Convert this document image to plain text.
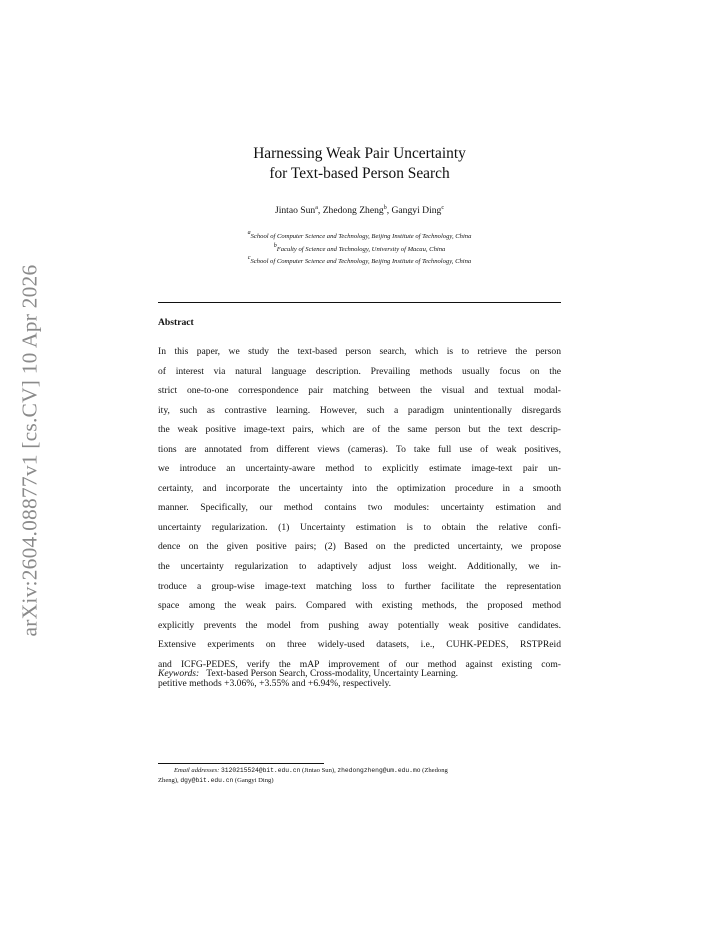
arXiv:2604.08877v1 [cs.CV] 10 Apr 2026
Harnessing Weak Pair Uncertainty
for Text-based Person Search
Jintao Sun$^a$, Zhedong Zheng$^b$, Gangyi Ding$^c$
$^a$School of Computer Science and Technology, Beijing Institute of Technology, China
$^b$Faculty of Science and Technology, University of Macau, China
$^c$School of Computer Science and Technology, Beijing Institute of Technology, China
Abstract

In this paper, we study the text-based person search, which is to retrieve the person

of interest via natural language description. Prevailing methods usually focus on the

strict one-to-one correspondence pair matching between the visual and textual modal-

ity, such as contrastive learning. However, such a paradigm unintentionally disregards

the weak positive image-text pairs, which are of the same person but the text descrip-

tions are annotated from different views (cameras). To take full use of weak positives,

we introduce an uncertainty-aware method to explicitly estimate image-text pair un-

certainty, and incorporate the uncertainty into the optimization procedure in a smooth

manner. Specifically, our method contains two modules: uncertainty estimation and

uncertainty regularization. (1) Uncertainty estimation is to obtain the relative confi-

dence on the given positive pairs; (2) Based on the predicted uncertainty, we propose

the uncertainty regularization to adaptively adjust loss weight. Additionally, we in-

troduce a group-wise image-text matching loss to further facilitate the representation

space among the weak pairs. Compared with existing methods, the proposed method

explicitly prevents the model from pushing away potentially weak positive candidates.

Extensive experiments on three widely-used datasets, i.e., CUHK-PEDES, RSTPReid

and ICFG-PEDES, verify the mAP improvement of our method against existing com-

petitive methods +3.06%, +3.55% and +6.94%, respectively.

Keywords: Text-based Person Search, Cross-modality, Uncertainty Learning.
Email addresses: 3120215524@bit.edu.cn (Jintao Sun), zhedongzheng@um.edu.mo (Zhedong
Zheng), dgy@bit.edu.cn (Gangyi Ding)
